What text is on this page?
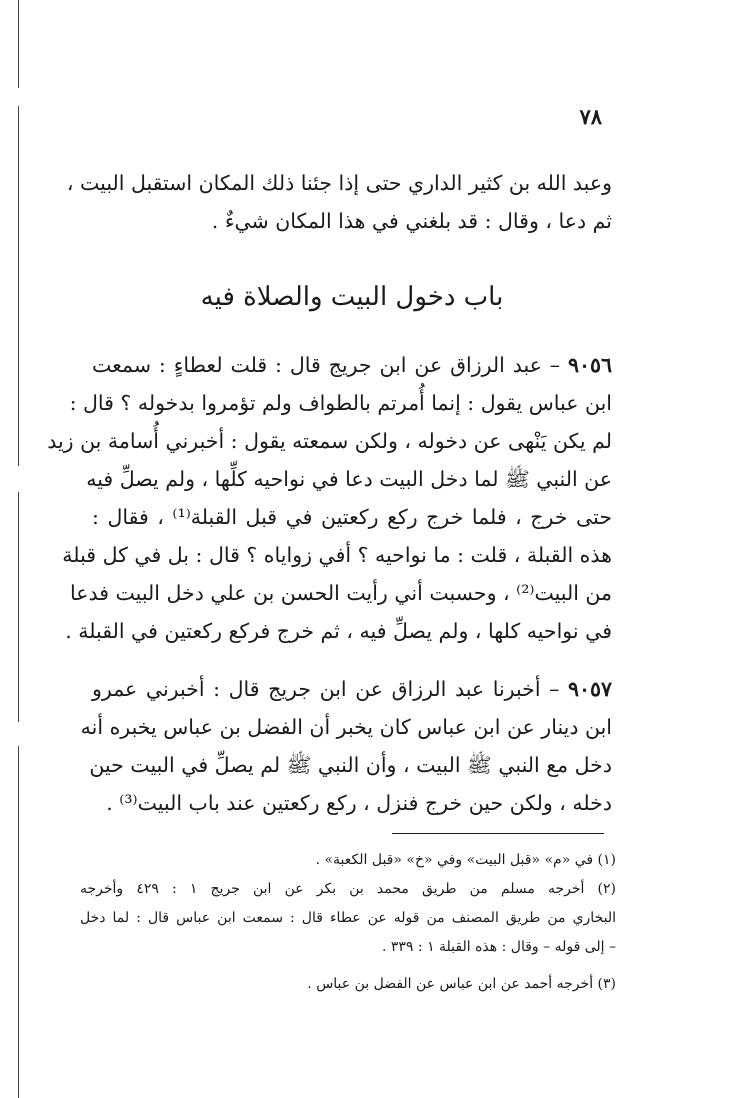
٧٨
وعبد الله بن كثير الداري حتى إذا جئنا ذلك المكان استقبل البيت ،
ثم دعا ، وقال : قد بلغني في هذا المكان شيءٌ .
باب دخول البيت والصلاة فيه
٩٠٥٦ – عبد الرزاق عن ابن جريج قال : قلت لعطاءٍ : سمعت
ابن عباس يقول : إنما أُمرتم بالطواف ولم تؤمروا بدخوله ؟ قال :
لم يكن يَنْهى عن دخوله ، ولكن سمعته يقول : أخبرني أُسامة بن زيد
عن النبي ﷺ لما دخل البيت دعا في نواحيه كلِّها ، ولم يصلِّ فيه
حتى خرج ، فلما خرج ركع ركعتين في قبل القبلة⁽¹⁾ ، فقال :
هذه القبلة ، قلت : ما نواحيه ؟ أفي زواياه ؟ قال : بل في كل قبلة
من البيت⁽²⁾ ، وحسبت أني رأيت الحسن بن علي دخل البيت فدعا
في نواحيه كلها ، ولم يصلِّ فيه ، ثم خرج فركع ركعتين في القبلة .
٩٠٥٧ – أخبرنا عبد الرزاق عن ابن جريج قال : أخبرني عمرو
ابن دينار عن ابن عباس كان يخبر أن الفضل بن عباس يخبره أنه
دخل مع النبي ﷺ البيت ، وأن النبي ﷺ لم يصلِّ في البيت حين
دخله ، ولكن حين خرج فنزل ، ركع ركعتين عند باب البيت⁽³⁾ .
(١) في «م» «قبل البيت» وفي «خ» «قبل الكعبة» .
(٢) أخرجه مسلم من طريق محمد بن بكر عن ابن جريج ١ : ٤٢٩ وأخرجه
البخاري من طريق المصنف من قوله عن عطاء قال : سمعت ابن عباس قال : لما دخل
– إلى قوله – وقال : هذه القبلة ١ : ٣٣٩ .
(٣) أخرجه أحمد عن ابن عباس عن الفضل بن عباس .
